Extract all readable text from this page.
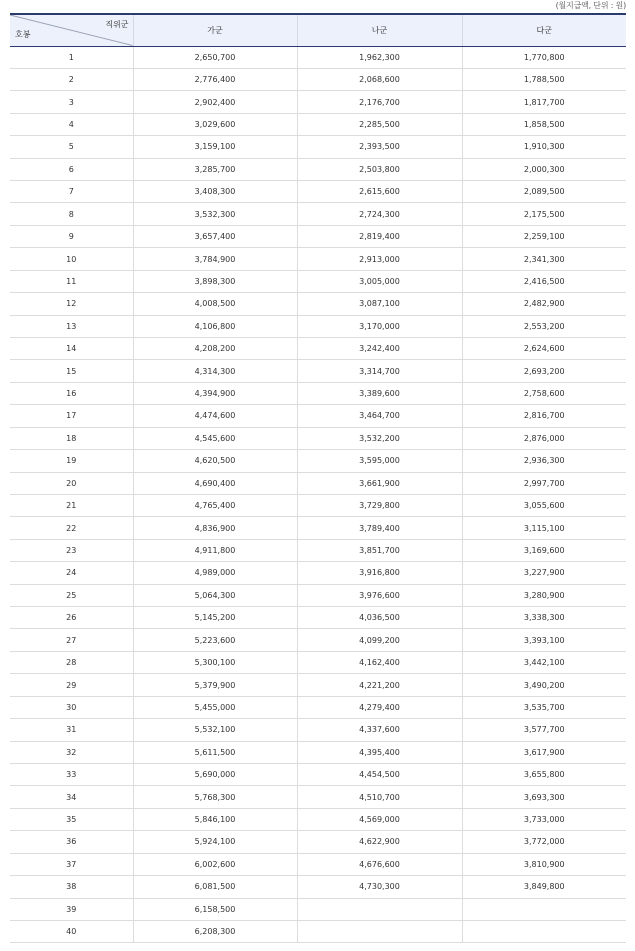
(월지급액, 단위 : 원)
직위군
호봉	가군	나군	다군
1	2,650,700	1,962,300	1,770,800
2	2,776,400	2,068,600	1,788,500
3	2,902,400	2,176,700	1,817,700
4	3,029,600	2,285,500	1,858,500
5	3,159,100	2,393,500	1,910,300
6	3,285,700	2,503,800	2,000,300
7	3,408,300	2,615,600	2,089,500
8	3,532,300	2,724,300	2,175,500
9	3,657,400	2,819,400	2,259,100
10	3,784,900	2,913,000	2,341,300
11	3,898,300	3,005,000	2,416,500
12	4,008,500	3,087,100	2,482,900
13	4,106,800	3,170,000	2,553,200
14	4,208,200	3,242,400	2,624,600
15	4,314,300	3,314,700	2,693,200
16	4,394,900	3,389,600	2,758,600
17	4,474,600	3,464,700	2,816,700
18	4,545,600	3,532,200	2,876,000
19	4,620,500	3,595,000	2,936,300
20	4,690,400	3,661,900	2,997,700
21	4,765,400	3,729,800	3,055,600
22	4,836,900	3,789,400	3,115,100
23	4,911,800	3,851,700	3,169,600
24	4,989,000	3,916,800	3,227,900
25	5,064,300	3,976,600	3,280,900
26	5,145,200	4,036,500	3,338,300
27	5,223,600	4,099,200	3,393,100
28	5,300,100	4,162,400	3,442,100
29	5,379,900	4,221,200	3,490,200
30	5,455,000	4,279,400	3,535,700
31	5,532,100	4,337,600	3,577,700
32	5,611,500	4,395,400	3,617,900
33	5,690,000	4,454,500	3,655,800
34	5,768,300	4,510,700	3,693,300
35	5,846,100	4,569,000	3,733,000
36	5,924,100	4,622,900	3,772,000
37	6,002,600	4,676,600	3,810,900
38	6,081,500	4,730,300	3,849,800
39	6,158,500		
40	6,208,300		
